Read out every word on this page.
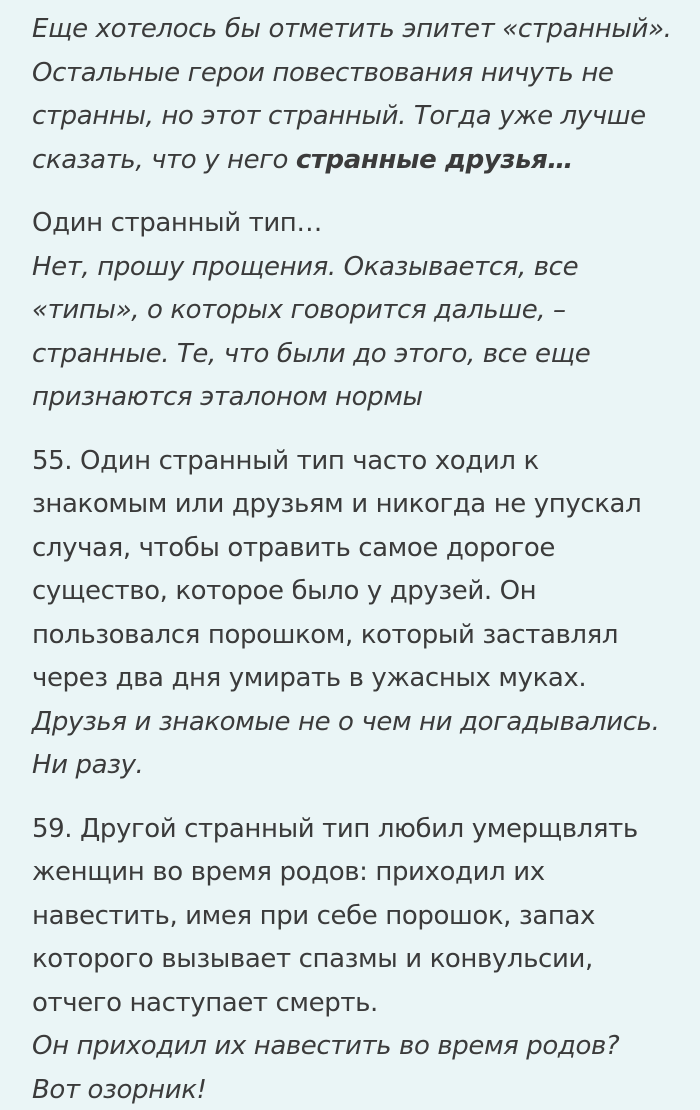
Еще хотелось бы отметить эпитет «странный».
Остальные герои повествования ничуть не
странны, но этот странный. Тогда уже лучше
сказать, что у него странные друзья…
Один странный тип…
Нет, прошу прощения. Оказывается, все
«типы», о которых говорится дальше, –
странные. Те, что были до этого, все еще
признаются эталоном нормы
55. Один странный тип часто ходил к
знакомым или друзьям и никогда не упускал
случая, чтобы отравить самое дорогое
существо, которое было у друзей. Он
пользовался порошком, который заставлял
через два дня умирать в ужасных муках.
Друзья и знакомые не о чем ни догадывались.
Ни разу.
59. Другой странный тип любил умерщвлять
женщин во время родов: приходил их
навестить, имея при себе порошок, запах
которого вызывает спазмы и конвульсии,
отчего наступает смерть.
Он приходил их навестить во время родов?
Вот озорник!
